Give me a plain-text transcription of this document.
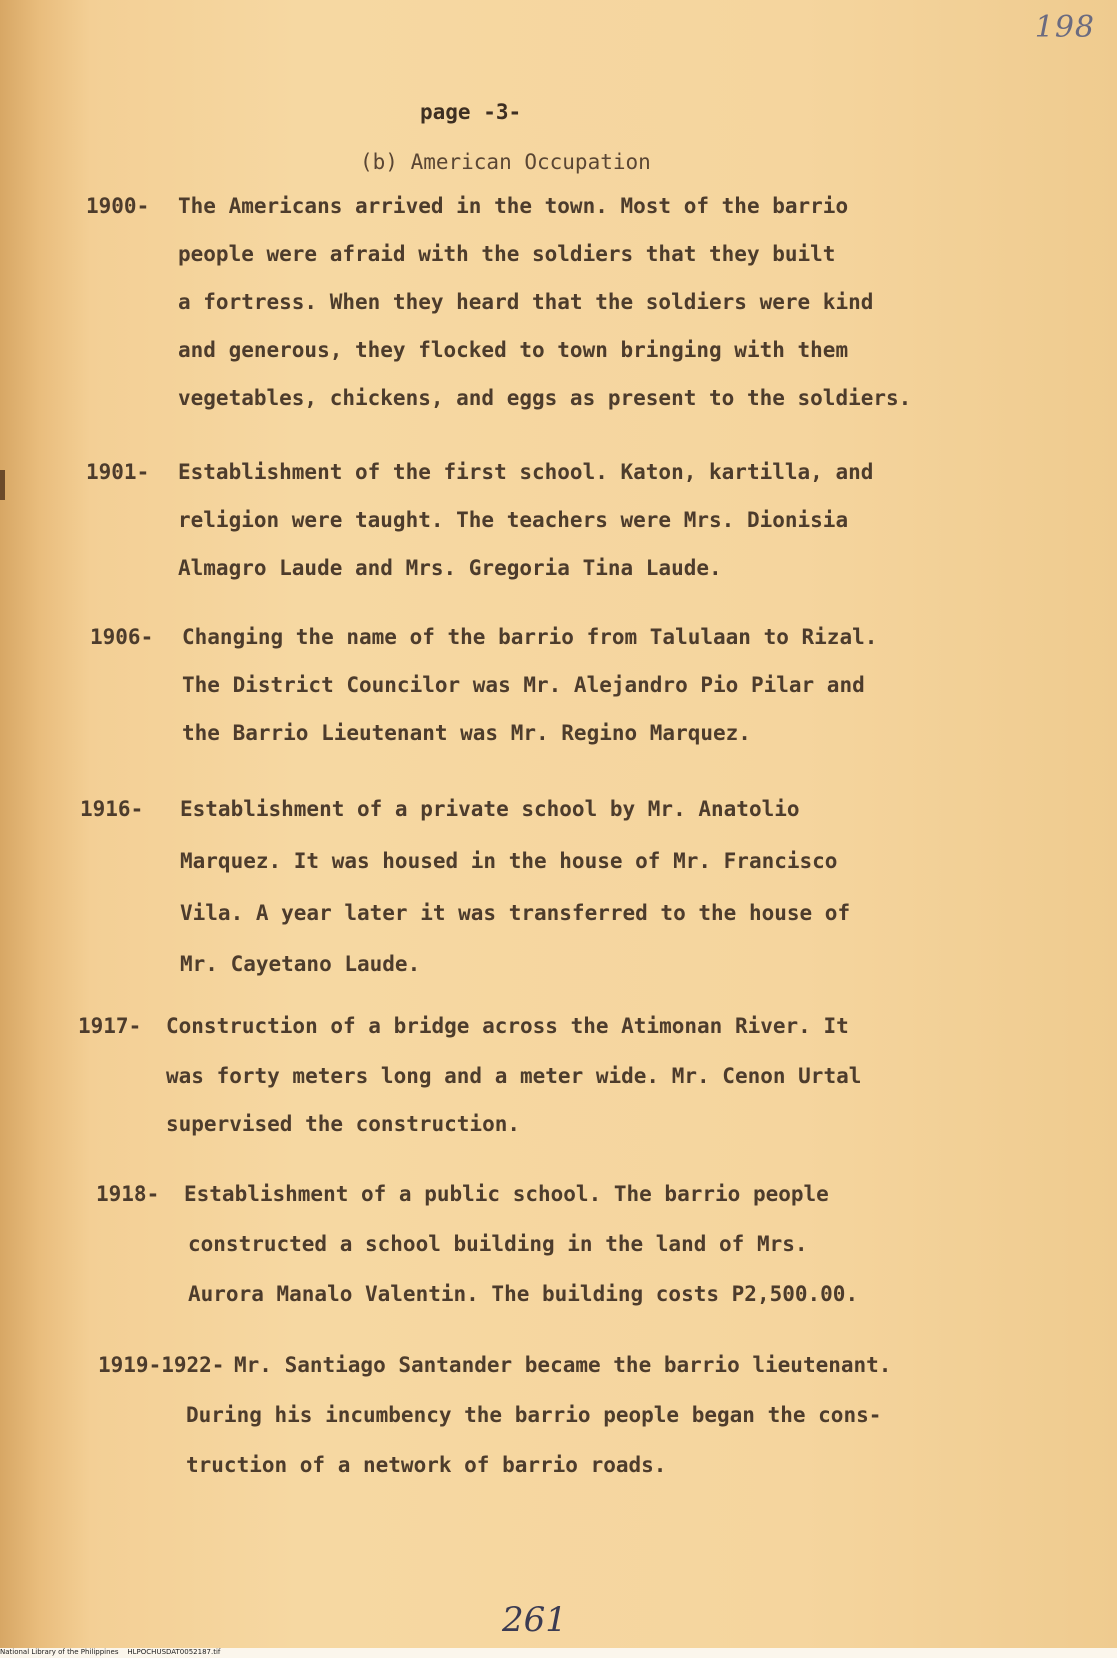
198
page -3-
(b) American Occupation
1900- The Americans arrived in the town. Most of the barrio
people were afraid with the soldiers that they built
a fortress. When they heard that the soldiers were kind
and generous, they flocked to town bringing with them
vegetables, chickens, and eggs as present to the soldiers.
1901- Establishment of the first school. Katon, kartilla, and
religion were taught. The teachers were Mrs. Dionisia
Almagro Laude and Mrs. Gregoria Tina Laude.
1906- Changing the name of the barrio from Talulaan to Rizal.
The District Councilor was Mr. Alejandro Pio Pilar and
the Barrio Lieutenant was Mr. Regino Marquez.
1916- Establishment of a private school by Mr. Anatolio
Marquez. It was housed in the house of Mr. Francisco
Vila. A year later it was transferred to the house of
Mr. Cayetano Laude.
1917- Construction of a bridge across the Atimonan River. It
was forty meters long and a meter wide. Mr. Cenon Urtal
supervised the construction.
1918- Establishment of a public school. The barrio people
constructed a school building in the land of Mrs.
Aurora Manalo Valentin. The building costs P2,500.00.
1919-1922- Mr. Santiago Santander became the barrio lieutenant.
During his incumbency the barrio people began the cons-
truction of a network of barrio roads.
261
National Library of the Philippines    HLPOCHUSDAT0052187.tif
